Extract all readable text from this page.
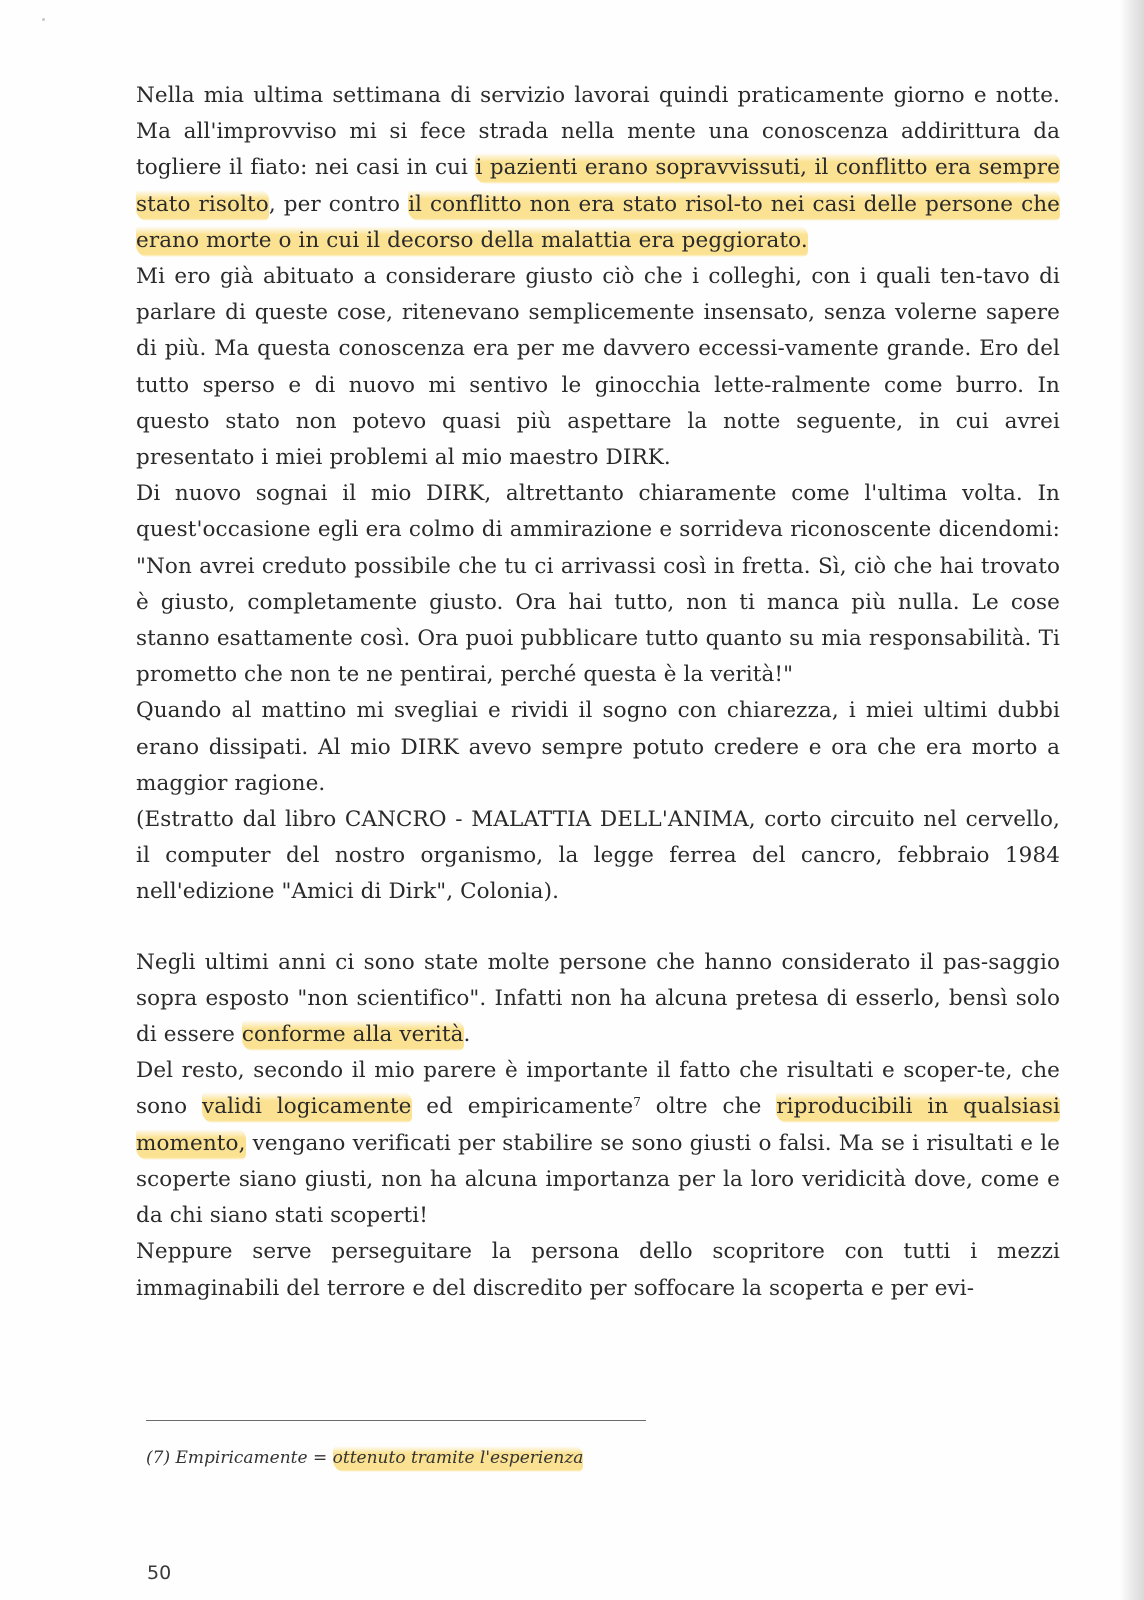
Nella mia ultima settimana di servizio lavorai quindi praticamente giorno e notte. Ma all'improvviso mi si fece strada nella mente una conoscenza addirittura da togliere il fiato: nei casi in cui i pazienti erano sopravvissuti, il conflitto era sempre stato risolto, per contro il conflitto non era stato risol-to nei casi delle persone che erano morte o in cui il decorso della malattia era peggiorato.

Mi ero già abituato a considerare giusto ciò che i colleghi, con i quali ten-tavo di parlare di queste cose, ritenevano semplicemente insensato, senza volerne sapere di più. Ma questa conoscenza era per me davvero eccessi-vamente grande. Ero del tutto sperso e di nuovo mi sentivo le ginocchia lette-ralmente come burro. In questo stato non potevo quasi più aspettare la notte seguente, in cui avrei presentato i miei problemi al mio maestro DIRK.

Di nuovo sognai il mio DIRK, altrettanto chiaramente come l'ultima volta. In quest'occasione egli era colmo di ammirazione e sorrideva riconoscente dicendomi: "Non avrei creduto possibile che tu ci arrivassi così in fretta. Sì, ciò che hai trovato è giusto, completamente giusto. Ora hai tutto, non ti manca più nulla. Le cose stanno esattamente così. Ora puoi pubblicare tutto quanto su mia responsabilità. Ti prometto che non te ne pentirai, perché questa è la verità!"

Quando al mattino mi svegliai e rividi il sogno con chiarezza, i miei ultimi dubbi erano dissipati. Al mio DIRK avevo sempre potuto credere e ora che era morto a maggior ragione.

(Estratto dal libro CANCRO - MALATTIA DELL'ANIMA, corto circuito nel cervello, il computer del nostro organismo, la legge ferrea del cancro, febbraio 1984 nell'edizione "Amici di Dirk", Colonia).

Negli ultimi anni ci sono state molte persone che hanno considerato il pas-saggio sopra esposto "non scientifico". Infatti non ha alcuna pretesa di esserlo, bensì solo di essere conforme alla verità.

Del resto, secondo il mio parere è importante il fatto che risultati e scoper-te, che sono validi logicamente ed empiricamente$^7$ oltre che riproducibili in qualsiasi momento, vengano verificati per stabilire se sono giusti o falsi. Ma se i risultati e le scoperte siano giusti, non ha alcuna importanza per la loro veridicità dove, come e da chi siano stati scoperti!

Neppure serve perseguitare la persona dello scopritore con tutti i mezzi immaginabili del terrore e del discredito per soffocare la scoperta e per evi-

(7) Empiricamente = ottenuto tramite l'esperienza
50
